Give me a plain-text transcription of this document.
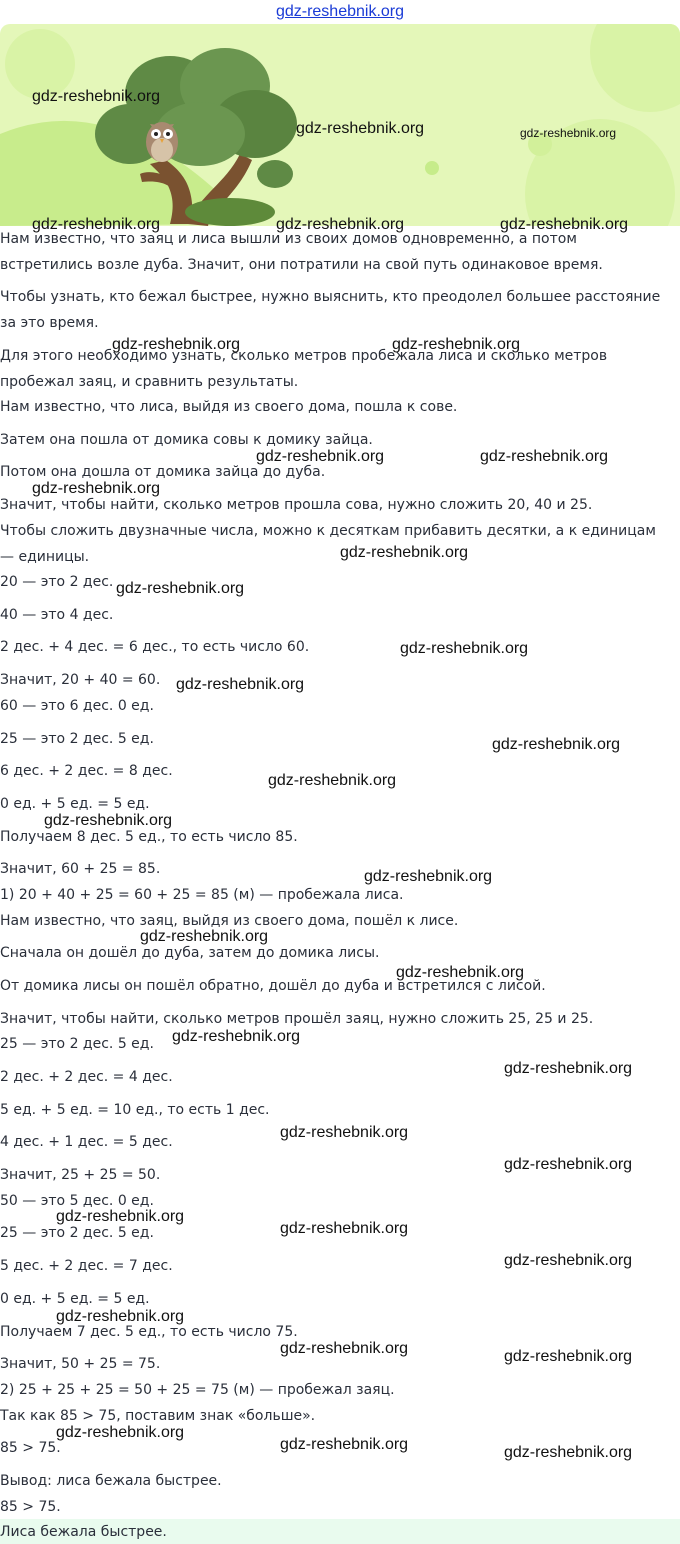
gdz-reshebnik.org
Нам известно, что заяц и лиса вышли из своих домов одновременно, а потом
встретились возле дуба. Значит, они потратили на свой путь одинаковое время.
Чтобы узнать, кто бежал быстрее, нужно выяснить, кто преодолел большее расстояние
за это время.
Для этого необходимо узнать, сколько метров пробежала лиса и сколько метров
пробежал заяц, и сравнить результаты.
Нам известно, что лиса, выйдя из своего дома, пошла к сове.
Затем она пошла от домика совы к домику зайца.
Потом она дошла от домика зайца до дуба.
Значит, чтобы найти, сколько метров прошла сова, нужно сложить 20, 40 и 25.
Чтобы сложить двузначные числа, можно к десяткам прибавить десятки, а к единицам
— единицы.
20 — это 2 дес.
40 — это 4 дес.
2 дес. + 4 дес. = 6 дес., то есть число 60.
Значит, 20 + 40 = 60.
60 — это 6 дес. 0 ед.
25 — это 2 дес. 5 ед.
6 дес. + 2 дес. = 8 дес.
0 ед. + 5 ед. = 5 ед.
Получаем 8 дес. 5 ед., то есть число 85.
Значит, 60 + 25 = 85.
1) 20 + 40 + 25 = 60 + 25 = 85 (м) — пробежала лиса.
Нам известно, что заяц, выйдя из своего дома, пошёл к лисе.
Сначала он дошёл до дуба, затем до домика лисы.
От домика лисы он пошёл обратно, дошёл до дуба и встретился с лисой.
Значит, чтобы найти, сколько метров прошёл заяц, нужно сложить 25, 25 и 25.
25 — это 2 дес. 5 ед.
2 дес. + 2 дес. = 4 дес.
5 ед. + 5 ед. = 10 ед., то есть 1 дес.
4 дес. + 1 дес. = 5 дес.
Значит, 25 + 25 = 50.
50 — это 5 дес. 0 ед.
25 — это 2 дес. 5 ед.
5 дес. + 2 дес. = 7 дес.
0 ед. + 5 ед. = 5 ед.
Получаем 7 дес. 5 ед., то есть число 75.
Значит, 50 + 25 = 75.
2) 25 + 25 + 25 = 50 + 25 = 75 (м) — пробежал заяц.
Так как 85 > 75, поставим знак «больше».
85 > 75.
Вывод: лиса бежала быстрее.
85 > 75.
Лиса бежала быстрее.
gdz-reshebnik.org
gdz-reshebnik.org	gdz-reshebnik.org
gdz-reshebnik.org	gdz-reshebnik.org	gdz-reshebnik.org
gdz-reshebnik.org	gdz-reshebnik.org
gdz-reshebnik.org	gdz-reshebnik.org
gdz-reshebnik.org
gdz-reshebnik.org
gdz-reshebnik.org
gdz-reshebnik.org
gdz-reshebnik.org
gdz-reshebnik.org
gdz-reshebnik.org
gdz-reshebnik.org
gdz-reshebnik.org
gdz-reshebnik.org
gdz-reshebnik.org
gdz-reshebnik.org
gdz-reshebnik.org
gdz-reshebnik.org
gdz-reshebnik.org
gdz-reshebnik.org
gdz-reshebnik.org
gdz-reshebnik.org
gdz-reshebnik.org
gdz-reshebnik.org	gdz-reshebnik.org
gdz-reshebnik.org
gdz-reshebnik.org	gdz-reshebnik.org
